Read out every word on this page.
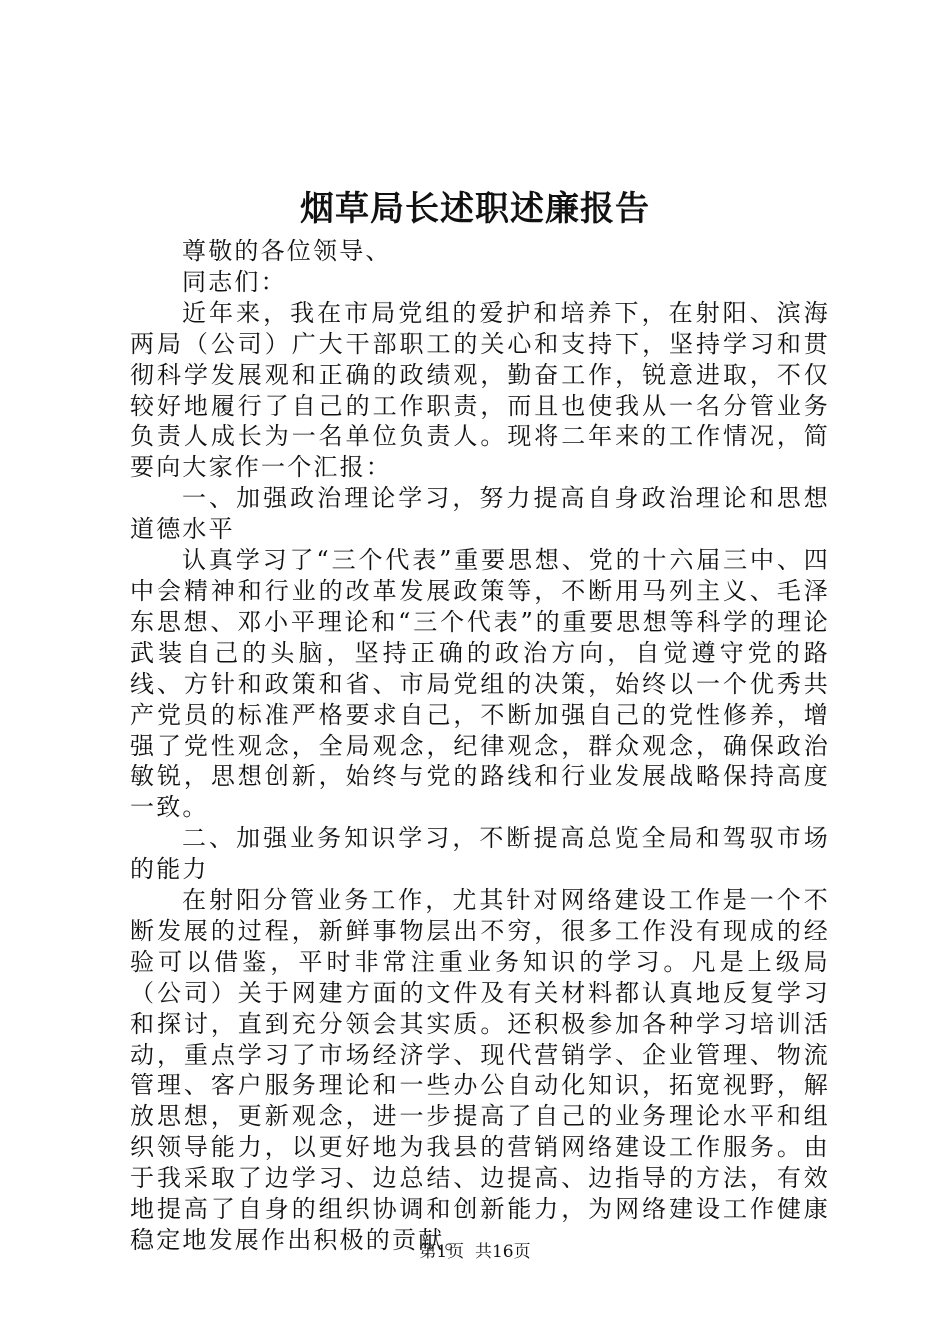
烟草局长述职述廉报告

尊敬的各位领导、

同志们：

近年来，我在市局党组的爱护和培养下，在射阳、滨海两局（公司）广大干部职工的关心和支持下，坚持学习和贯彻科学发展观和正确的政绩观，勤奋工作，锐意进取，不仅较好地履行了自己的工作职责，而且也使我从一名分管业务负责人成长为一名单位负责人。现将二年来的工作情况，简要向大家作一个汇报：

一、加强政治理论学习，努力提高自身政治理论和思想道德水平

认真学习了“三个代表”重要思想、党的十六届三中、四中会精神和行业的改革发展政策等，不断用马列主义、毛泽东思想、邓小平理论和“三个代表”的重要思想等科学的理论武装自己的头脑，坚持正确的政治方向，自觉遵守党的路线、方针和政策和省、市局党组的决策，始终以一个优秀共产党员的标准严格要求自己，不断加强自己的党性修养，增强了党性观念，全局观念，纪律观念，群众观念，确保政治敏锐，思想创新，始终与党的路线和行业发展战略保持高度一致。

二、加强业务知识学习，不断提高总览全局和驾驭市场的能力

在射阳分管业务工作，尤其针对网络建设工作是一个不断发展的过程，新鲜事物层出不穷，很多工作没有现成的经验可以借鉴，平时非常注重业务知识的学习。凡是上级局（公司）关于网建方面的文件及有关材料都认真地反复学习和探讨，直到充分领会其实质。还积极参加各种学习培训活动，重点学习了市场经济学、现代营销学、企业管理、物流管理、客户服务理论和一些办公自动化知识，拓宽视野，解放思想，更新观念，进一步提高了自己的业务理论水平和组织领导能力，以更好地为我县的营销网络建设工作服务。由于我采取了边学习、边总结、边提高、边指导的方法，有效地提高了自身的组织协调和创新能力，为网络建设工作健康稳定地发展作出积极的贡献。

第1页  共16页
